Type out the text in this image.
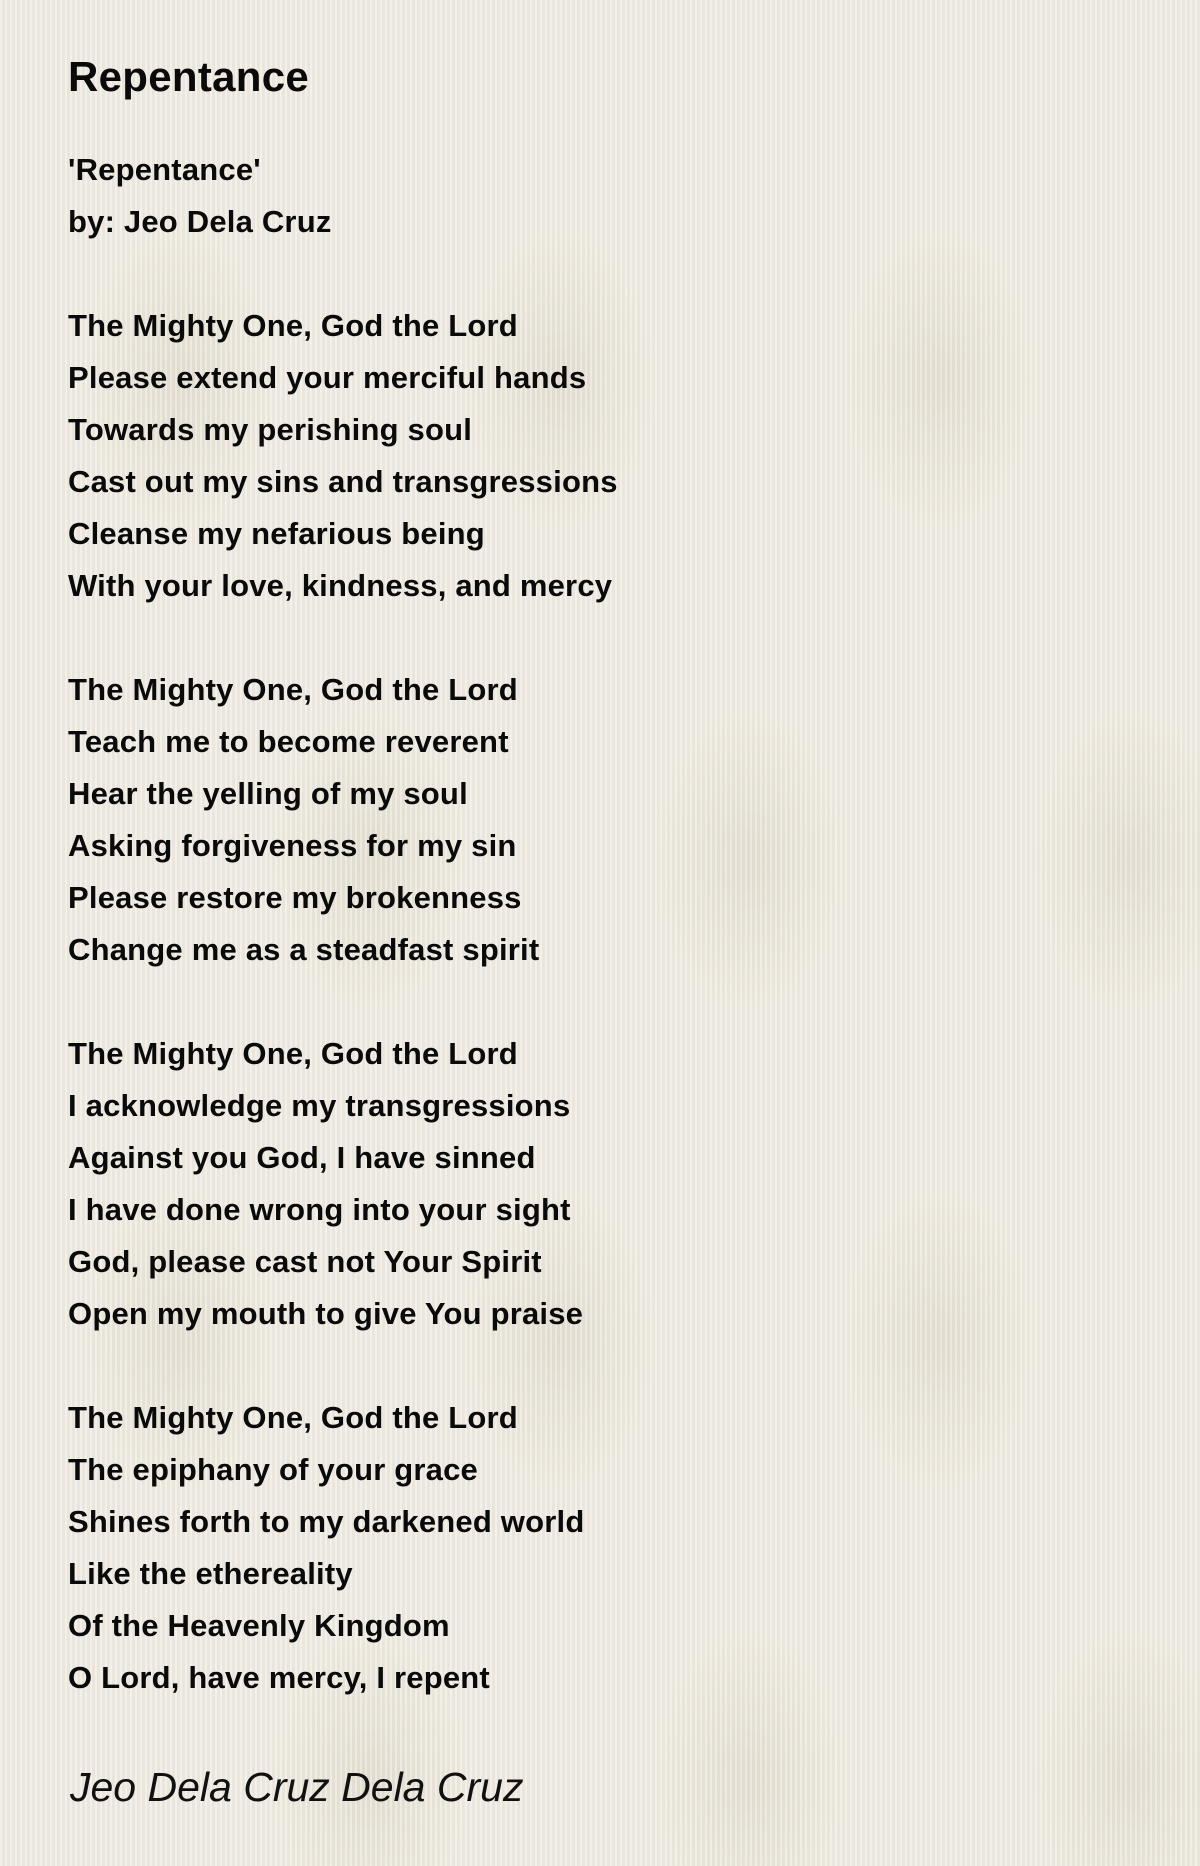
Repentance
'Repentance'
by: Jeo Dela Cruz
The Mighty One, God the Lord
Please extend your merciful hands
Towards my perishing soul
Cast out my sins and transgressions
Cleanse my nefarious being
With your love, kindness, and mercy
The Mighty One, God the Lord
Teach me to become reverent
Hear the yelling of my soul
Asking forgiveness for my sin
Please restore my brokenness
Change me as a steadfast spirit
The Mighty One, God the Lord
I acknowledge my transgressions
Against you God, I have sinned
I have done wrong into your sight
God, please cast not Your Spirit
Open my mouth to give You praise
The Mighty One, God the Lord
The epiphany of your grace
Shines forth to my darkened world
Like the ethereality
Of the Heavenly Kingdom
O Lord, have mercy, I repent
Jeo Dela Cruz Dela Cruz
